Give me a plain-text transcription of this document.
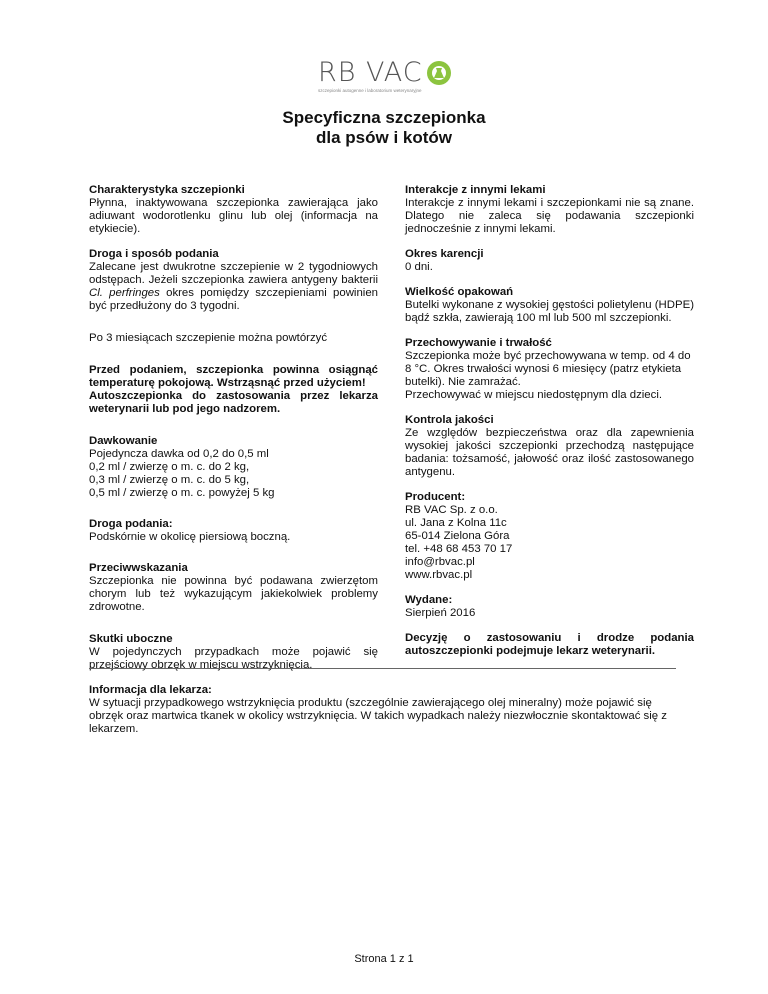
RB VAC
szczepionki autogenne i laboratorium weterynaryjne
Specyficzna szczepionka
dla psów i kotów

Charakterystyka szczepionki

Płynna, inaktywowana szczepionka zawierająca jako adiuwant wodorotlenku glinu lub olej (informacja na etykiecie).

Droga i sposób podania

Zalecane jest dwukrotne szczepienie w 2 tygodniowych odstępach. Jeżeli szczepionka zawiera antygeny bakterii Cl. perfringes okres pomiędzy szczepieniami powinien być przedłużony do 3 tygodni.

Po 3 miesiącach szczepienie można powtórzyć

Przed podaniem, szczepionka powinna osiągnąć temperaturę pokojową. Wstrząsnąć przed użyciem!

Autoszczepionka do zastosowania przez lekarza weterynarii lub pod jego nadzorem.

Dawkowanie

Pojedyncza dawka od 0,2 do 0,5 ml

0,2 ml / zwierzę o m. c. do 2 kg,

0,3 ml / zwierzę o m. c. do 5 kg,

0,5 ml / zwierzę o m. c. powyżej 5 kg

Droga podania:

Podskórnie w okolicę piersiową boczną.

Przeciwwskazania

Szczepionka nie powinna być podawana zwierzętom chorym lub też wykazującym jakiekolwiek problemy zdrowotne.

Skutki uboczne

W pojedynczych przypadkach może pojawić się przejściowy obrzęk w miejscu wstrzyknięcia.

Interakcje z innymi lekami

Interakcje z innymi lekami i szczepionkami nie są znane. Dlatego nie zaleca się podawania szczepionki jednocześnie z innymi lekami.

Okres karencji

0 dni.

Wielkość opakowań

Butelki wykonane z wysokiej gęstości polietylenu (HDPE) bądź szkła, zawierają 100 ml lub 500 ml szczepionki.

Przechowywanie i trwałość

Szczepionka może być przechowywana w temp. od 4 do 8 °C. Okres trwałości wynosi 6 miesięcy (patrz etykieta butelki). Nie zamrażać.

Przechowywać w miejscu niedostępnym dla dzieci.

Kontrola jakości

Ze względów bezpieczeństwa oraz dla zapewnienia wysokiej jakości szczepionki przechodzą następujące badania: tożsamość, jałowość oraz ilość zastosowanego antygenu.

Producent:

RB VAC Sp. z o.o.

ul. Jana z Kolna 11c

65-014 Zielona Góra

tel. +48 68 453 70 17

info@rbvac.pl

www.rbvac.pl

Wydane:

Sierpień 2016

Decyzję o zastosowaniu i drodze podania autoszczepionki podejmuje lekarz weterynarii.

Informacja dla lekarza:

W sytuacji przypadkowego wstrzyknięcia produktu (szczególnie zawierającego olej mineralny) może pojawić się obrzęk oraz martwica tkanek w okolicy wstrzyknięcia. W takich wypadkach należy niezwłocznie skontaktować się z lekarzem.

Strona 1 z 1
